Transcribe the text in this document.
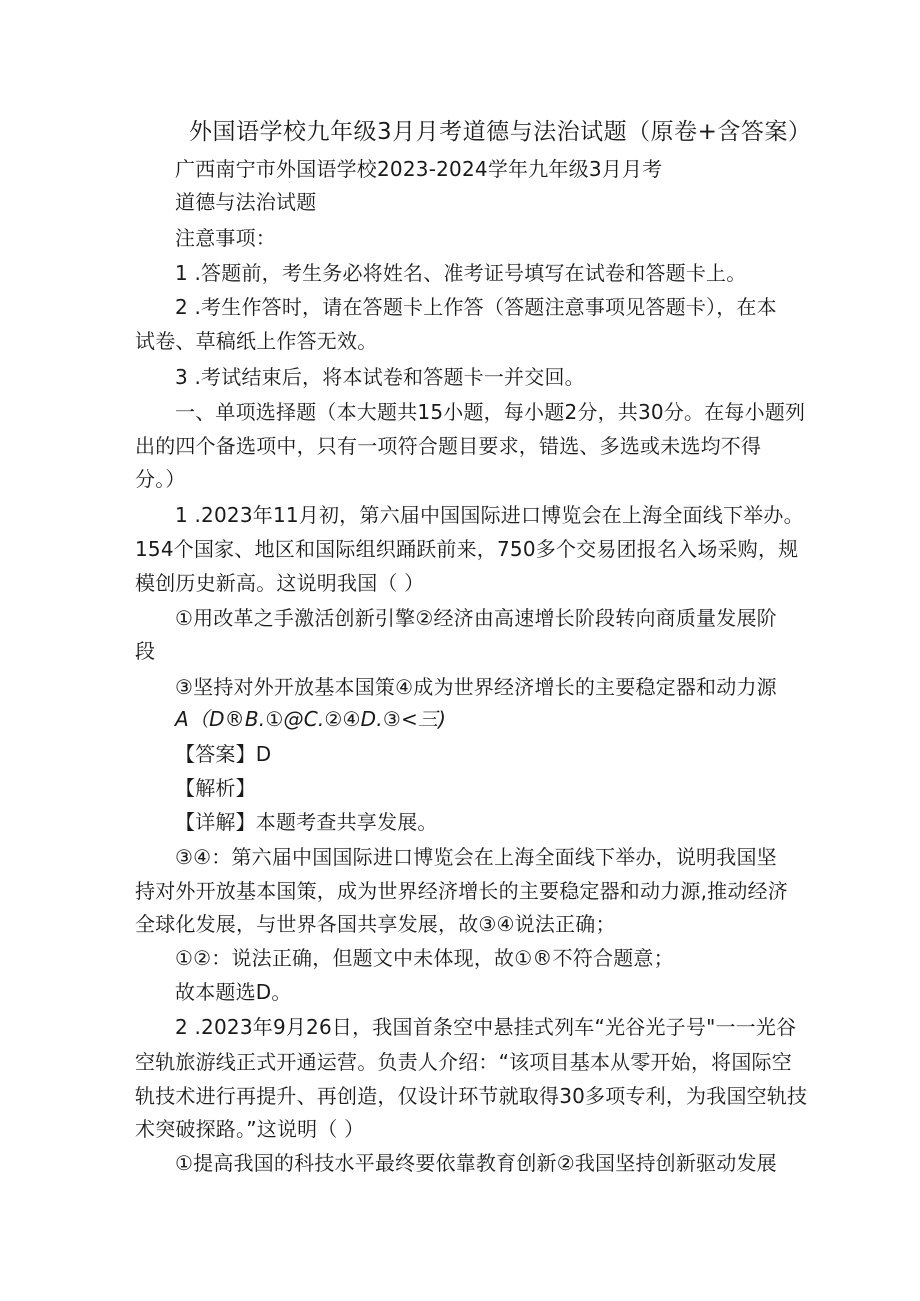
外国语学校九年级3月月考道德与法治试题（原卷+含答案）
广西南宁市外国语学校2023-2024学年九年级3月月考
道德与法治试题
注意事项：
1 .答题前，考生务必将姓名、准考证号填写在试卷和答题卡上。
2 .考生作答时，请在答题卡上作答（答题注意事项见答题卡），在本
试卷、草稿纸上作答无效。
3 .考试结束后，将本试卷和答题卡一并交回。
一、单项选择题（本大题共15小题，每小题2分，共30分。在每小题列
出的四个备选项中，只有一项符合题目要求，错选、多选或未选均不得
分。）
1 .2023年11月初，第六届中国国际进口博览会在上海全面线下举办。
154个国家、地区和国际组织踊跃前来，750多个交易团报名入场采购，规
模创历史新高。这说明我国（ ）
①用改革之手激活创新引擎②经济由高速增长阶段转向商质量发展阶
段
③坚持对外开放基本国策④成为世界经济增长的主要稳定器和动力源
A（D®B.①@C.②④D.③<三)
【答案】D
【解析】
【详解】本题考查共享发展。
③④：第六届中国国际进口博览会在上海全面线下举办，说明我国坚
持对外开放基本国策，成为世界经济增长的主要稳定器和动力源,推动经济
全球化发展，与世界各国共享发展，故③④说法正确；
①②：说法正确，但题文中未体现，故①®不符合题意；
故本题选D。
2 .2023年9月26日，我国首条空中悬挂式列车“光谷光子号"一一光谷
空轨旅游线正式开通运营。负责人介绍：“该项目基本从零开始，将国际空
轨技术进行再提升、再创造，仅设计环节就取得30多项专利，为我国空轨技
术突破探路。”这说明（ ）
①提高我国的科技水平最终要依靠教育创新②我国坚持创新驱动发展
